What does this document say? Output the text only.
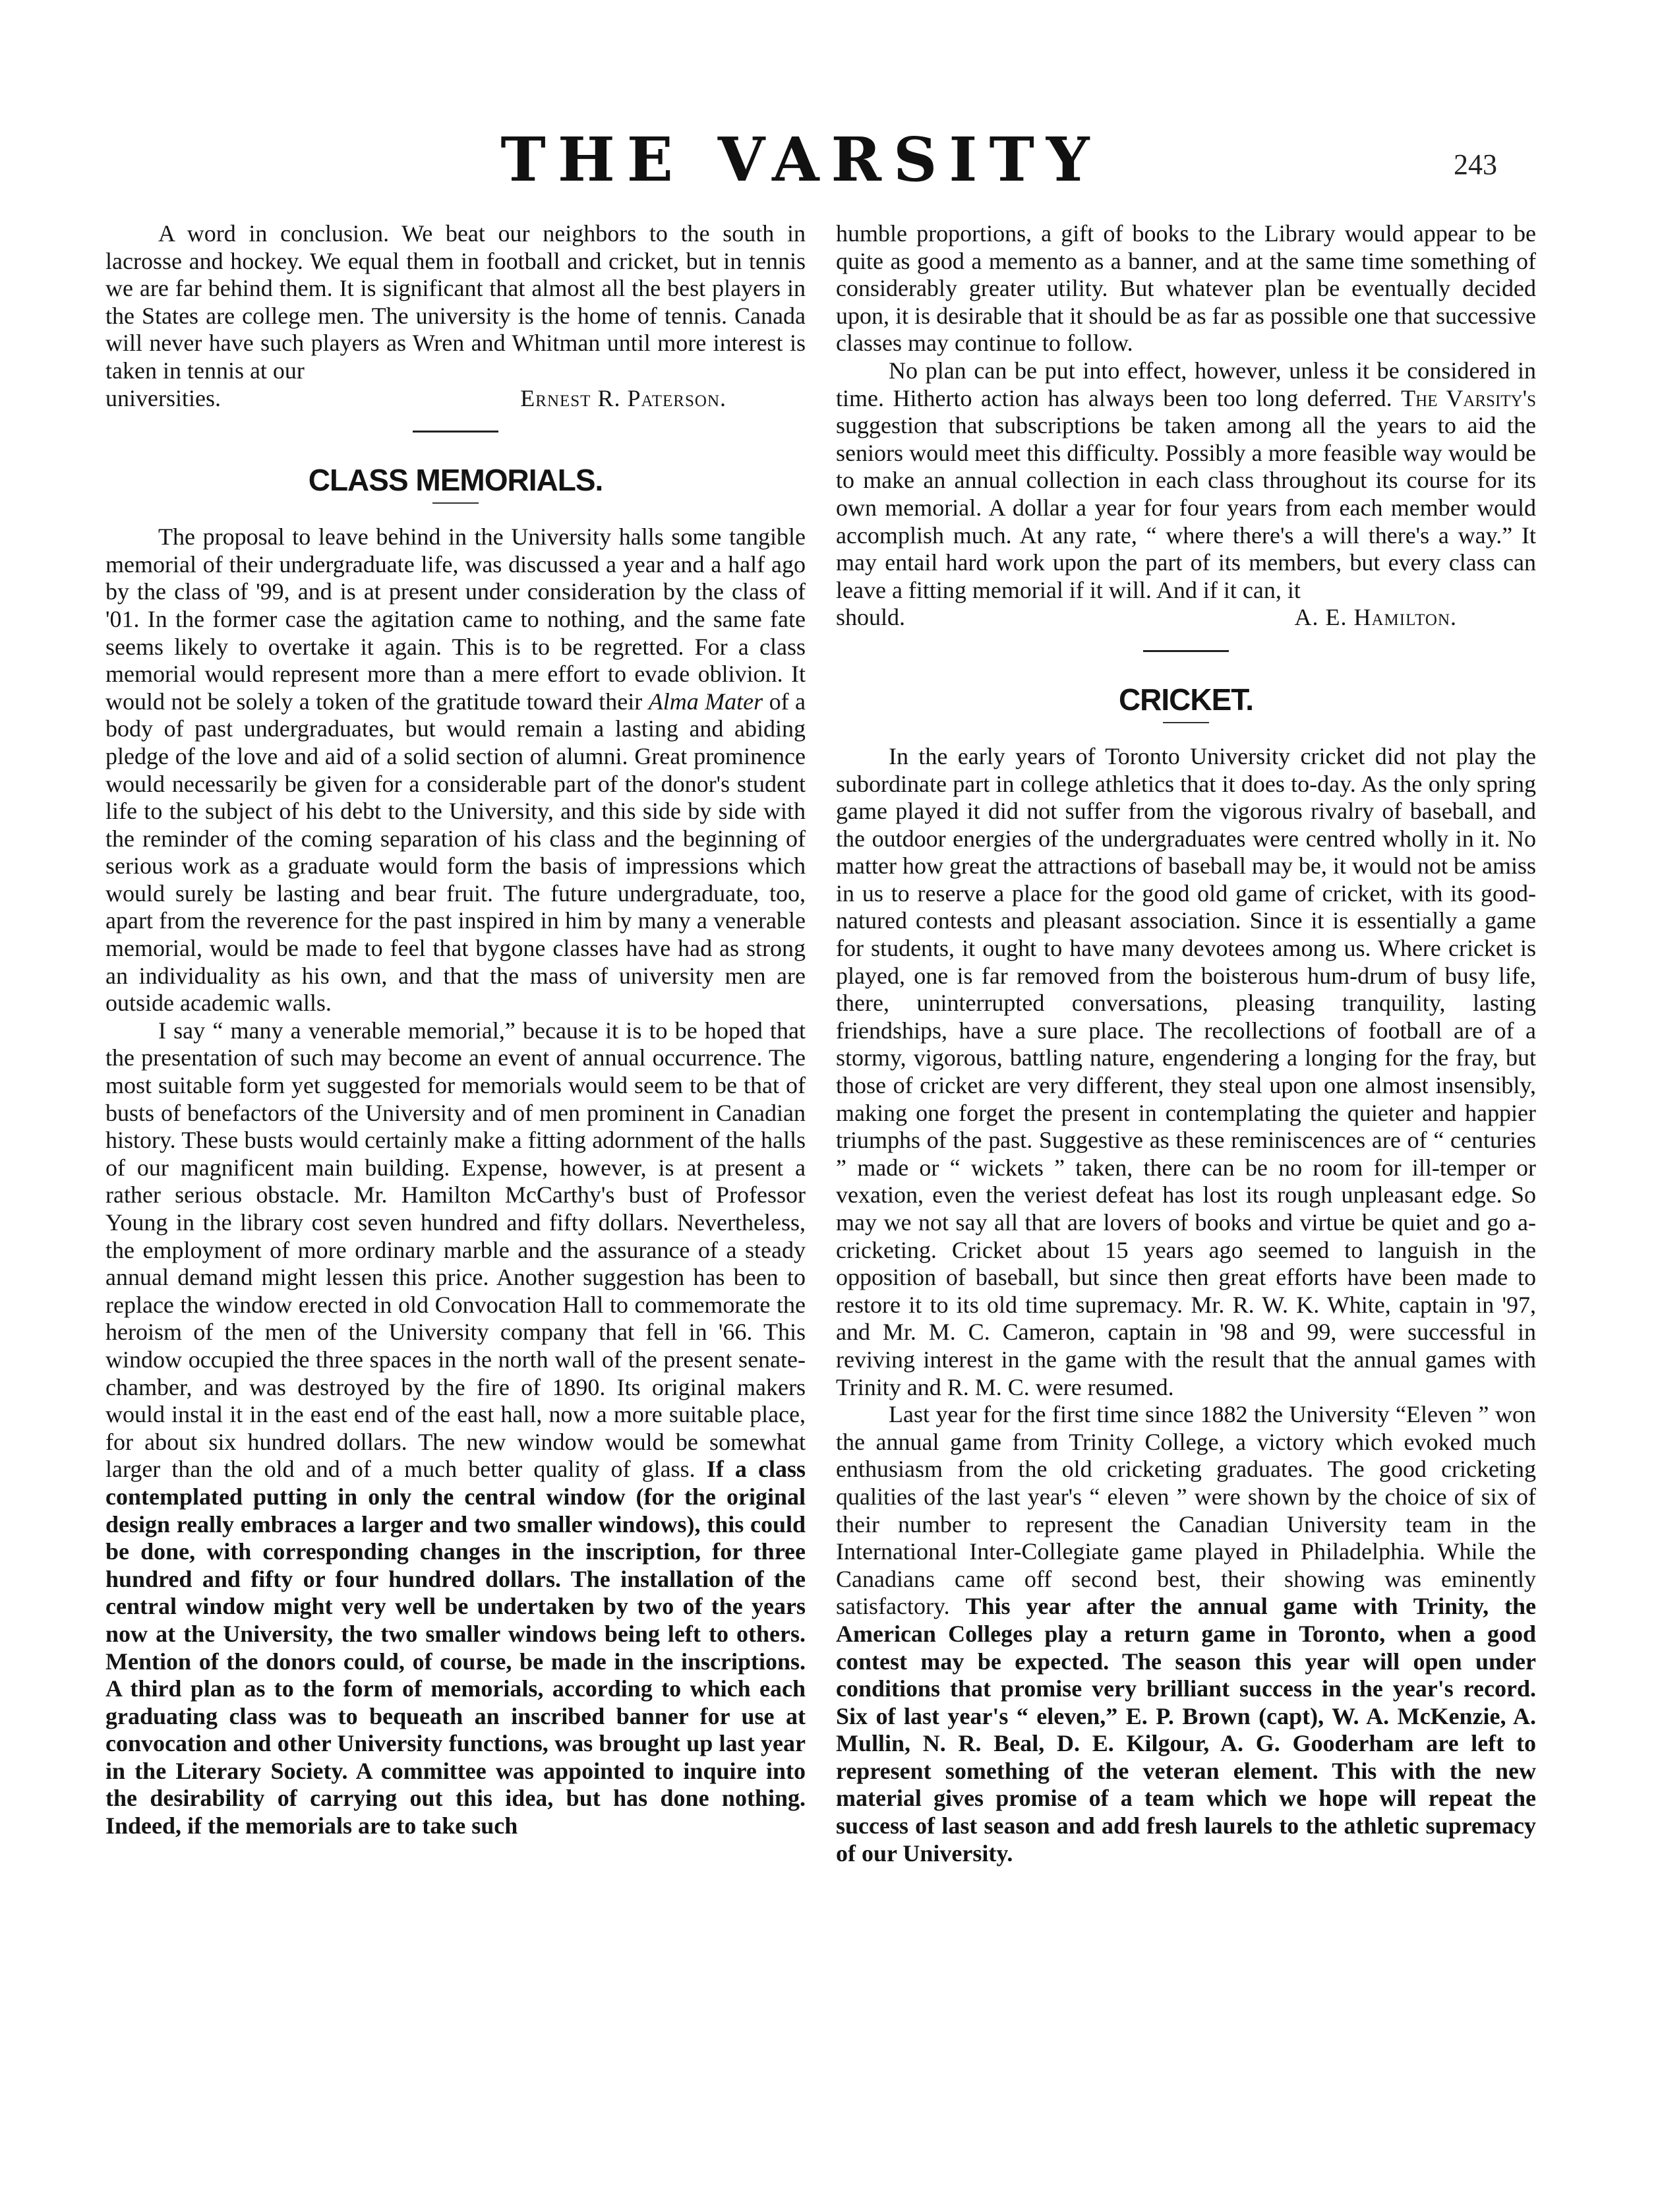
THE VARSITY	243

A word in conclusion. We beat our neighbors to the south in lacrosse and hockey. We equal them in football and cricket, but in tennis we are far behind them. It is significant that almost all the best players in the States are college men. The university is the home of tennis. Canada will never have such players as Wren and Whitman until more interest is taken in tennis at our

universities.	Ernest R. Paterson.

CLASS MEMORIALS.

The proposal to leave behind in the University halls some tangible memorial of their undergraduate life, was discussed a year and a half ago by the class of '99, and is at present under consideration by the class of '01. In the former case the agitation came to nothing, and the same fate seems likely to overtake it again. This is to be regretted. For a class memorial would represent more than a mere effort to evade oblivion. It would not be solely a token of the gratitude toward their Alma Mater of a body of past undergraduates, but would remain a lasting and abiding pledge of the love and aid of a solid section of alumni. Great prominence would necessarily be given for a considerable part of the donor's student life to the subject of his debt to the University, and this side by side with the reminder of the coming separation of his class and the beginning of serious work as a graduate would form the basis of impressions which would surely be lasting and bear fruit. The future undergraduate, too, apart from the reverence for the past inspired in him by many a venerable memorial, would be made to feel that bygone classes have had as strong an individuality as his own, and that the mass of university men are outside academic walls.

I say “ many a venerable memorial,” because it is to be hoped that the presentation of such may become an event of annual occurrence. The most suitable form yet suggested for memorials would seem to be that of busts of benefactors of the University and of men prominent in Canadian history. These busts would certainly make a fitting adornment of the halls of our magnificent main building. Expense, however, is at present a rather serious obstacle. Mr. Hamilton McCarthy's bust of Professor Young in the library cost seven hundred and fifty dollars. Nevertheless, the employment of more ordinary marble and the assurance of a steady annual demand might lessen this price. Another suggestion has been to replace the window erected in old Convocation Hall to commemorate the heroism of the men of the University company that fell in '66. This window occupied the three spaces in the north wall of the present senate-chamber, and was destroyed by the fire of 1890. Its original makers would instal it in the east end of the east hall, now a more suitable place, for about six hundred dollars. The new window would be somewhat larger than the old and of a much better quality of glass. If a class contemplated putting in only the central window (for the original design really embraces a larger and two smaller windows), this could be done, with corresponding changes in the inscription, for three hundred and fifty or four hundred dollars. The installation of the central window might very well be undertaken by two of the years now at the University, the two smaller windows being left to others. Mention of the donors could, of course, be made in the inscriptions. A third plan as to the form of memorials, according to which each graduating class was to bequeath an inscribed banner for use at convocation and other University functions, was brought up last year in the Literary Society. A committee was appointed to inquire into the desirability of carrying out this idea, but has done nothing. Indeed, if the memorials are to take such

humble proportions, a gift of books to the Library would appear to be quite as good a memento as a banner, and at the same time something of considerably greater utility. But whatever plan be eventually decided upon, it is desirable that it should be as far as possible one that successive classes may continue to follow.

No plan can be put into effect, however, unless it be considered in time. Hitherto action has always been too long deferred. The Varsity's suggestion that subscriptions be taken among all the years to aid the seniors would meet this difficulty. Possibly a more feasible way would be to make an annual collection in each class throughout its course for its own memorial. A dollar a year for four years from each member would accomplish much. At any rate, “ where there's a will there's a way.” It may entail hard work upon the part of its members, but every class can leave a fitting memorial if it will. And if it can, it

should.	A. E. Hamilton.

CRICKET.

In the early years of Toronto University cricket did not play the subordinate part in college athletics that it does to-day. As the only spring game played it did not suffer from the vigorous rivalry of baseball, and the outdoor energies of the undergraduates were centred wholly in it. No matter how great the attractions of baseball may be, it would not be amiss in us to reserve a place for the good old game of cricket, with its good-natured contests and pleasant association. Since it is essentially a game for students, it ought to have many devotees among us. Where cricket is played, one is far removed from the boisterous hum-drum of busy life, there, uninterrupted conversations, pleasing tranquility, lasting friendships, have a sure place. The recollections of football are of a stormy, vigorous, battling nature, engendering a longing for the fray, but those of cricket are very different, they steal upon one almost insensibly, making one forget the present in contemplating the quieter and happier triumphs of the past. Suggestive as these reminiscences are of “ centuries ” made or “ wickets ” taken, there can be no room for ill-temper or vexation, even the veriest defeat has lost its rough unpleasant edge. So may we not say all that are lovers of books and virtue be quiet and go a-cricketing. Cricket about 15 years ago seemed to languish in the opposition of baseball, but since then great efforts have been made to restore it to its old time supremacy. Mr. R. W. K. White, captain in '97, and Mr. M. C. Cameron, captain in '98 and 99, were successful in reviving interest in the game with the result that the annual games with Trinity and R. M. C. were resumed.

Last year for the first time since 1882 the University “Eleven ” won the annual game from Trinity College, a victory which evoked much enthusiasm from the old cricketing graduates. The good cricketing qualities of the last year's “ eleven ” were shown by the choice of six of their number to represent the Canadian University team in the International Inter-Collegiate game played in Philadelphia. While the Canadians came off second best, their showing was eminently satisfactory. This year after the annual game with Trinity, the American Colleges play a return game in Toronto, when a good contest may be expected. The season this year will open under conditions that promise very brilliant success in the year's record. Six of last year's “ eleven,” E. P. Brown (capt), W. A. McKenzie, A. Mullin, N. R. Beal, D. E. Kilgour, A. G. Gooderham are left to represent something of the veteran element. This with the new material gives promise of a team which we hope will repeat the success of last season and add fresh laurels to the athletic supremacy of our University.
